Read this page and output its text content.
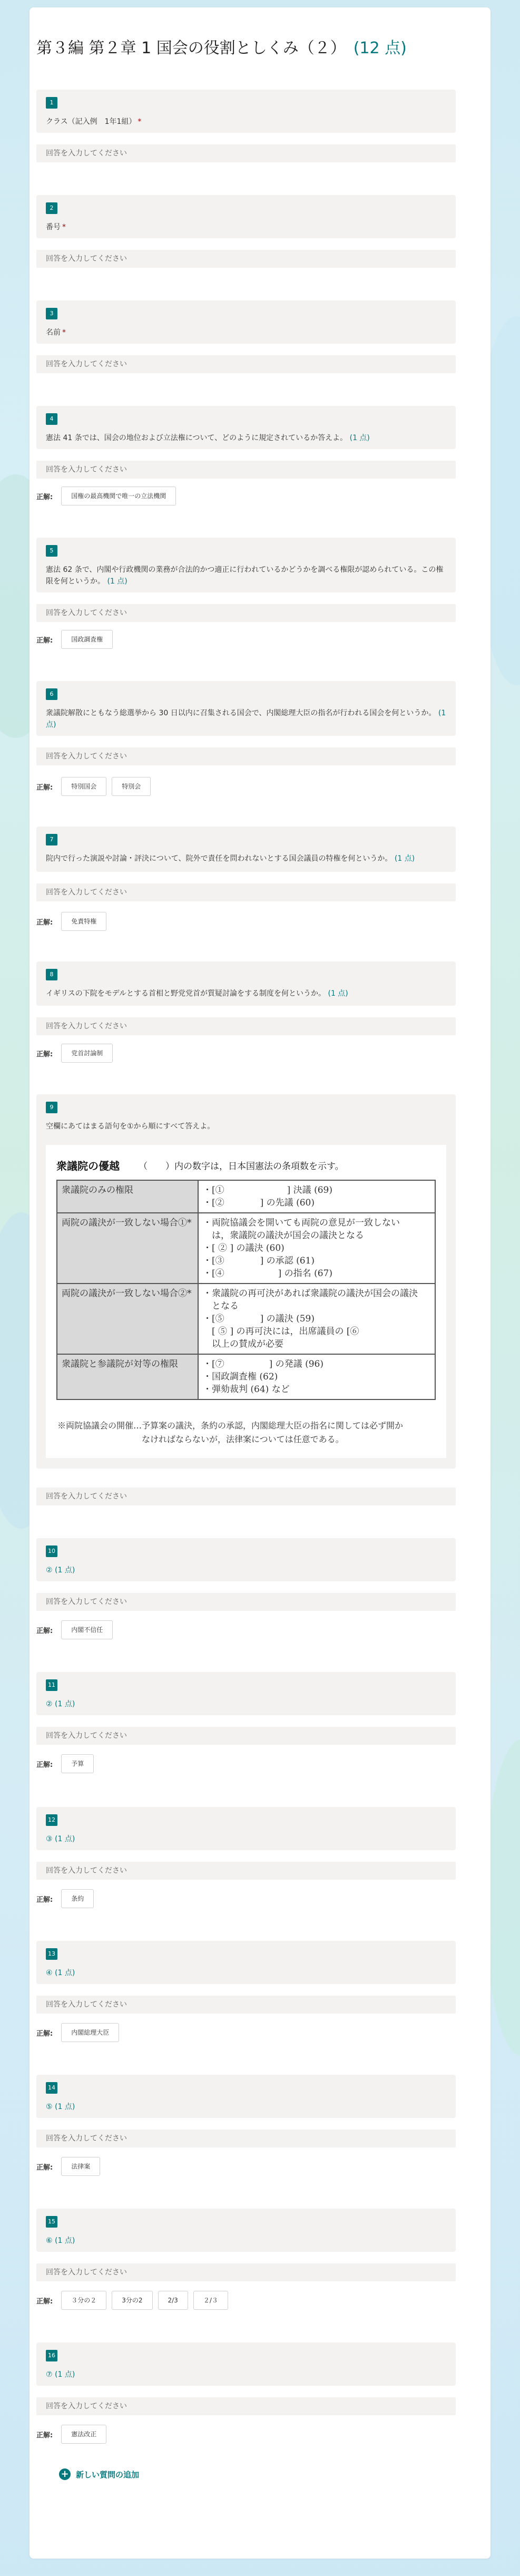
第３編 第２章 1 国会の役割としくみ（２） (12 点)
1
クラス（記入例　1年1組） *
回答を入力してください
2
番号 *
回答を入力してください
3
名前 *
回答を入力してください
4
憲法 41 条では、国会の地位および立法権について、どのように規定されているか答えよ。 (1 点)
回答を入力してください
正解:	国権の最高機関で唯一の立法機関
5
憲法 62 条で、内閣や行政機関の業務が合法的かつ適正に行われているかどうかを調べる権限が認められている。この権限を何というか。 (1 点)
回答を入力してください
正解:	国政調査権
6
衆議院解散にともなう総選挙から 30 日以内に召集される国会で、内閣総理大臣の指名が行われる国会を何というか。 (1 点)
回答を入力してください
正解:	特別国会	特別会
7
院内で行った演説や討論・評決について、院外で責任を問われないとする国会議員の特権を何というか。 (1 点)
回答を入力してください
正解:	免責特権
8
イギリスの下院をモデルとする首相と野党党首が質疑討論をする制度を何というか。 (1 点)
回答を入力してください
正解:	党首討論制
9
空欄にあてはまる語句を①から順にすべて答えよ。
衆議院の優越 （　　）内の数字は，日本国憲法の条項数を示す。
衆議院のみの権限	・[①　　　　　　　] 決議 (69)
・[②　　　　] の先議 (60)

両院の議決が一致しない場合①*	・両院協議会を開いても両院の意見が一致しない
　は，衆議院の議決が国会の議決となる
・[ ② ] の議決 (60)
・[③　　　　] の承認 (61)
・[④　　　　　　] の指名 (67)

両院の議決が一致しない場合②*	・衆議院の再可決があれば衆議院の議決が国会の議決
　となる
・[⑤　　　　] の議決 (59)
　[ ⑤ ] の再可決には，出席議員の [⑥
　以上の賛成が必要

衆議院と参議院が対等の権限	・[⑦　　　　　] の発議 (96)
・国政調査権 (62)
・弾劾裁判 (64) など
※両院協議会の開催…予算案の議決，条約の承認，内閣総理大臣の指名に関しては必ず開か
　　　　　　　　　　なければならないが，法律案については任意である。
回答を入力してください
10
② (1 点)
回答を入力してください
正解:	内閣不信任
11
② (1 点)
回答を入力してください
正解:	予算
12
③ (1 点)
回答を入力してください
正解:	条約
13
④ (1 点)
回答を入力してください
正解:	内閣総理大臣
14
⑤ (1 点)
回答を入力してください
正解:	法律案
15
⑥ (1 点)
回答を入力してください
正解:	３分の２	3分の2	2/3	２/３
16
⑦ (1 点)
回答を入力してください
正解:	憲法改正
+ 新しい質問の追加
